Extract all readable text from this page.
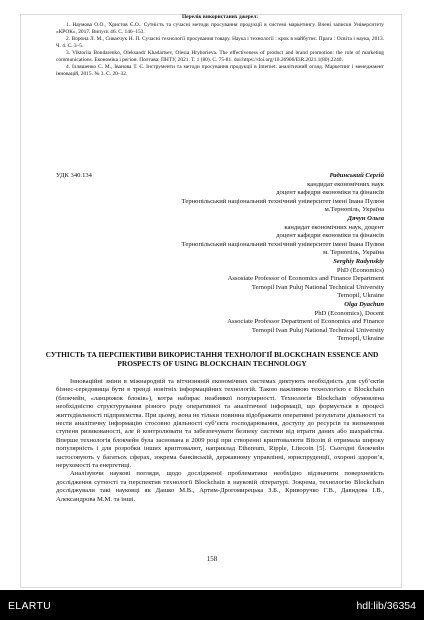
Перелік використаних джерел:
1. Наумова О.О., Христов Є.О.. Сутність та сучасні методи просування продукції в системі маркетингу. Вчені записки Університету «КРОК», 2017. Випуск 46. С. 146–153.
2. Ворона Л. М., Сиваєчук Н. П. Сучасні технології просування товару. Наука і технології : крок в майбутнє. Прага : Освіта і наука, 2013. Ч. 4. С. 3–5.
3. Viktoriia Bondarenko, Oleksandr Khadartsev, Olesia Hryhorieva. The effectiveness of product and brand promotion: the role of marketing communications. Економіка і регіон. Полтава: ПНТУ, 2021. Т. 1 (80). С. 75-81. doi:https://doi.org/10.26906/EiR.2021.1(80).2240.
4. Ілляшенко С. М., Іванова Т. Є. Інструменти та методи просування продукції в Internet: аналітичний огляд. Маркетинг і менеджмент інновацій, 2015. № 3. С. 20–32.
УДК 340.134	Радинський Сергій
кандидат економічних наук
доцент кафедри економіки та фінансів
Тернопільський національний технічний університет імені Івана Пулюя
м.Тернопіль, Україна
Дячун Ольга
кандидат економічних наук, доцент
доцент кафедри економіки та фінансів
Тернопільський національний технічний університет імені Івана Пулюя
м. Тернопіль, Україна
Serghiy Radynskiy
PhD (Economics)
Assosiate Professor of Economics and Finance Department
Ternopil Ivan Puluj National Technical University
Ternopil, Ukraine
Olga Dyachun
PhD (Economics), Docent
Associate Professor Department of Economics and Finance
Ternopil Ivan Puluj National Technical University
Ternopil, Ukraine
СУТНІСТЬ ТА ПЕРСПЕКТИВИ ВИКОРИСТАННЯ ТЕХНОЛОГІЇ BLOCKCHAIN ESSENCE AND PROSPECTS OF USING BLOCKCHAIN TECHNOLOGY

Інноваційні зміни в міжнародній та вітчизняній економічних системах диктують необхідність для суб’єктів бізнес-середовища бути в тренді новітніх інформаційних технологій. Такою важливою технологією є Blockchain (блокчейн, «ланцюжок блоків»), котра набирає неабиякої популярності. Технологія Blockchain обумовлена необхідністю структурування різного роду оперативної та аналітичної інформації, що формується в процесі життєдіяльності підприємства. При цьому, вона не тільки повинна відображати оперативні результати діяльності та нести аналітичну інформацію стосовно діяльності суб’єкта господарювання, доступу до ресурсів та визначення ступеня ризикованості, але й контролювати та забезпечувати безпеку системи від втрати даних або шахрайства. Вперше технологія блокчейн була заснована в 2009 році при створенні криптовалюти Bitcoin й отримала широку популярність і для розробки інших криптовалют, наприклад Ethereum, Ripple, Litecoin [5]. Сьогодні блокчейн застосовують у багатьох сферах, зокрема банківській, державному управлінні, юриспруденції, охороні здоров’я, нерухомості та енергетиці.

Аналізуючи наукові погляди, щодо дослідженої проблематики необхідно відзначити поверхневість дослідження сутності та перспектив технології Blockchain в науковій літературі. Зокрема, технологію Blockchain досліджували такі науковці як Дашко М.В., Артим-Дрогомирецька З.Б., Криворучко Г.В., Давидова І.В., Александрова М.М. та інші.

158
ELARTU	hdl:lib/36354
